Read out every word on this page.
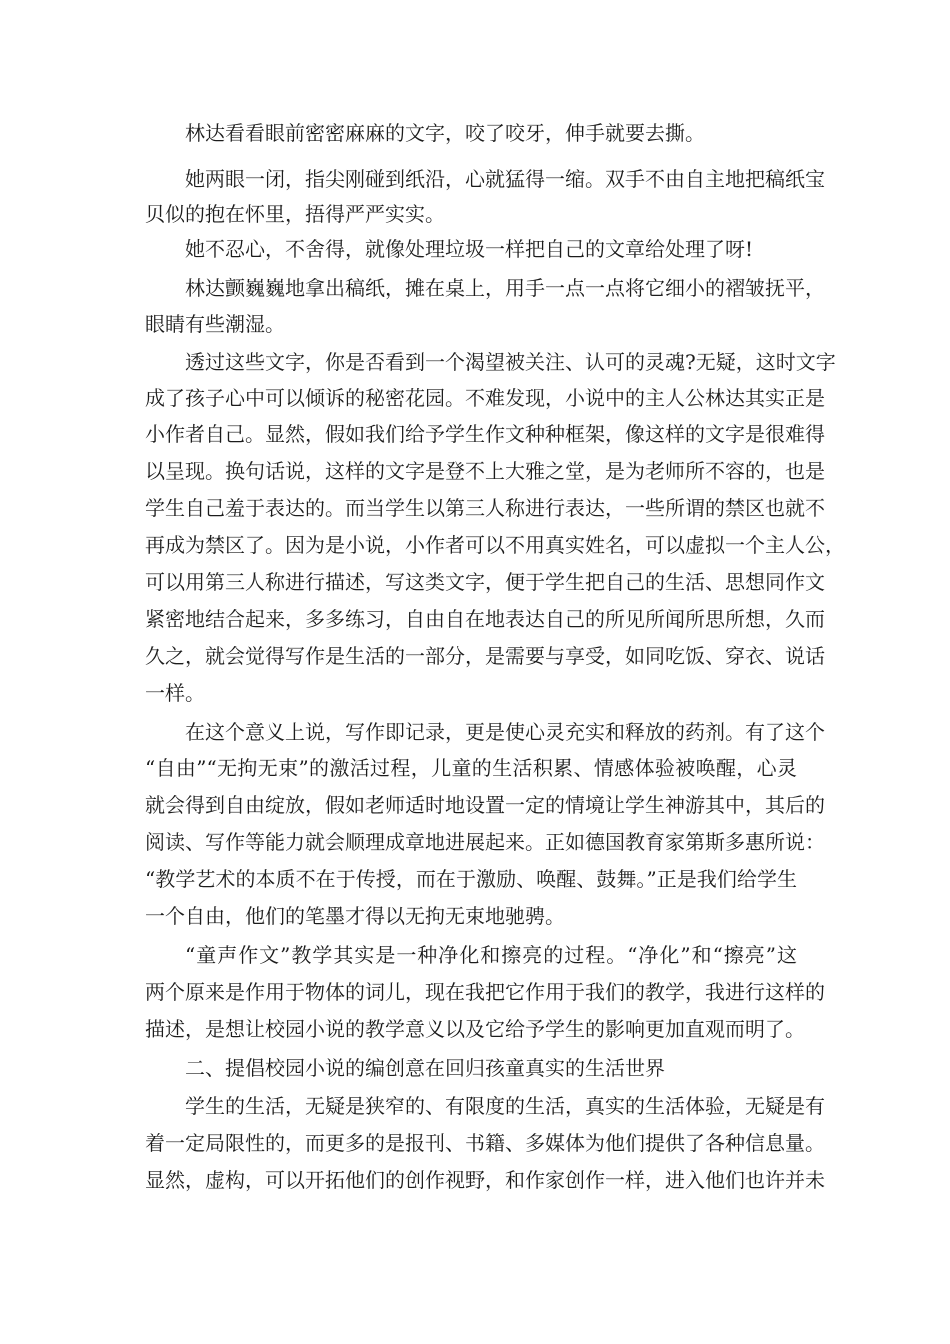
林达看看眼前密密麻麻的文字，咬了咬牙，伸手就要去撕。
她两眼一闭，指尖刚碰到纸沿，心就猛得一缩。双手不由自主地把稿纸宝
贝似的抱在怀里，捂得严严实实。
她不忍心，不舍得，就像处理垃圾一样把自己的文章给处理了呀!
林达颤巍巍地拿出稿纸，摊在桌上，用手一点一点将它细小的褶皱抚平，
眼睛有些潮湿。
透过这些文字，你是否看到一个渴望被关注、认可的灵魂?无疑，这时文字
成了孩子心中可以倾诉的秘密花园。不难发现，小说中的主人公林达其实正是
小作者自己。显然，假如我们给予学生作文种种框架，像这样的文字是很难得
以呈现。换句话说，这样的文字是登不上大雅之堂，是为老师所不容的，也是
学生自己羞于表达的。而当学生以第三人称进行表达，一些所谓的禁区也就不
再成为禁区了。因为是小说，小作者可以不用真实姓名，可以虚拟一个主人公，
可以用第三人称进行描述，写这类文字，便于学生把自己的生活、思想同作文
紧密地结合起来，多多练习，自由自在地表达自己的所见所闻所思所想，久而
久之，就会觉得写作是生活的一部分，是需要与享受，如同吃饭、穿衣、说话
一样。
在这个意义上说，写作即记录，更是使心灵充实和释放的药剂。有了这个
“自由”“无拘无束”的激活过程，儿童的生活积累、情感体验被唤醒，心灵
就会得到自由绽放，假如老师适时地设置一定的情境让学生神游其中，其后的
阅读、写作等能力就会顺理成章地进展起来。正如德国教育家第斯多惠所说：
“教学艺术的本质不在于传授，而在于激励、唤醒、鼓舞。”正是我们给学生
一个自由，他们的笔墨才得以无拘无束地驰骋。
“童声作文”教学其实是一种净化和擦亮的过程。“净化”和“擦亮”这
两个原来是作用于物体的词儿，现在我把它作用于我们的教学，我进行这样的
描述，是想让校园小说的教学意义以及它给予学生的影响更加直观而明了。
二、提倡校园小说的编创意在回归孩童真实的生活世界
学生的生活，无疑是狭窄的、有限度的生活，真实的生活体验，无疑是有
着一定局限性的，而更多的是报刊、书籍、多媒体为他们提供了各种信息量。
显然，虚构，可以开拓他们的创作视野，和作家创作一样，进入他们也许并未
